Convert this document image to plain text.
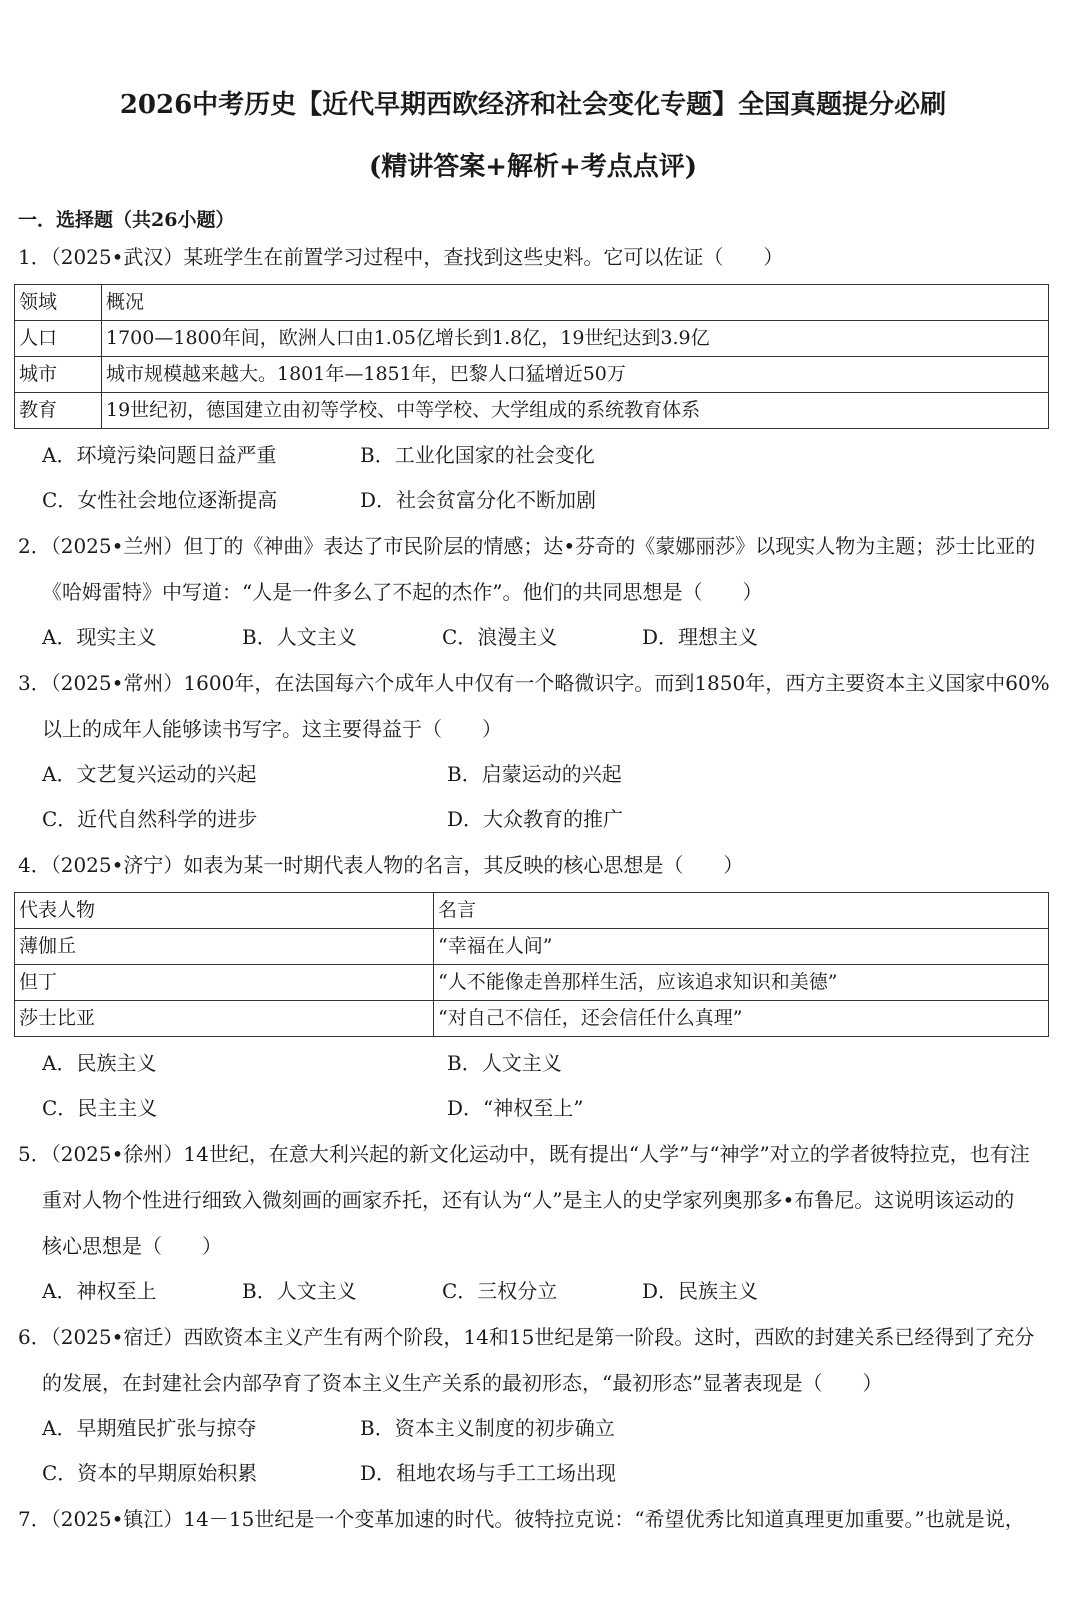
2026中考历史【近代早期西欧经济和社会变化专题】全国真题提分必刷
(精讲答案+解析+考点点评)
一．选择题（共26小题）

1．（2025•武汉）某班学生在前置学习过程中，查找到这些史料。它可以佐证（　　）

领域	概况
人口	1700—1800年间，欧洲人口由1.05亿增长到1.8亿，19世纪达到3.9亿
城市	城市规模越来越大。1801年—1851年，巴黎人口猛增近50万
教育	19世纪初，德国建立由初等学校、中等学校、大学组成的系统教育体系
A．环境污染问题日益严重	B．工业化国家的社会变化
C．女性社会地位逐渐提高	D．社会贫富分化不断加剧

2．（2025•兰州）但丁的《神曲》表达了市民阶层的情感；达•芬奇的《蒙娜丽莎》以现实人物为主题；莎士比亚的
《哈姆雷特》中写道：“人是一件多么了不起的杰作”。他们的共同思想是（　　）

A．现实主义	B．人文主义	C．浪漫主义	D．理想主义

3．（2025•常州）1600年，在法国每六个成年人中仅有一个略微识字。而到1850年，西方主要资本主义国家中60%
以上的成年人能够读书写字。这主要得益于（　　）

A．文艺复兴运动的兴起	B．启蒙运动的兴起
C．近代自然科学的进步	D．大众教育的推广

4．（2025•济宁）如表为某一时期代表人物的名言，其反映的核心思想是（　　）

代表人物	名言
薄伽丘	“幸福在人间”
但丁	“人不能像走兽那样生活，应该追求知识和美德”
莎士比亚	“对自己不信任，还会信任什么真理”
A．民族主义	B．人文主义
C．民主主义	D．“神权至上”

5．（2025•徐州）14世纪，在意大利兴起的新文化运动中，既有提出“人学”与“神学”对立的学者彼特拉克，也有注
重对人物个性进行细致入微刻画的画家乔托，还有认为“人”是主人的史学家列奥那多•布鲁尼。这说明该运动的
核心思想是（　　）

A．神权至上	B．人文主义	C．三权分立	D．民族主义

6．（2025•宿迁）西欧资本主义产生有两个阶段，14和15世纪是第一阶段。这时，西欧的封建关系已经得到了充分
的发展，在封建社会内部孕育了资本主义生产关系的最初形态，“最初形态”显著表现是（　　）

A．早期殖民扩张与掠夺	B．资本主义制度的初步确立
C．资本的早期原始积累	D．租地农场与手工工场出现

7．（2025•镇江）14－15世纪是一个变革加速的时代。彼特拉克说：“希望优秀比知道真理更加重要。”也就是说，
